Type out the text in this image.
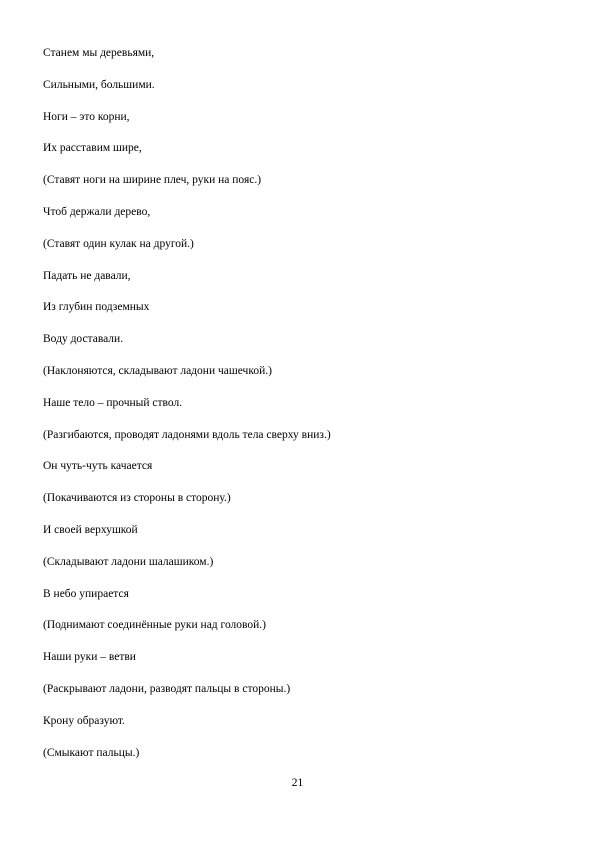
Станем мы деревьями,
Сильными, большими.
Ноги – это корни,
Их расставим шире,
(Ставят ноги на ширине плеч, руки на пояс.)
Чтоб держали дерево,
(Ставят один кулак на другой.)
Падать не давали,
Из глубин подземных
Воду доставали.
(Наклоняются, складывают ладони чашечкой.)
Наше тело – прочный ствол.
(Разгибаются, проводят ладонями вдоль тела сверху вниз.)
Он чуть-чуть качается
(Покачиваются из стороны в сторону.)
И своей верхушкой
(Складывают ладони шалашиком.)
В небо упирается
(Поднимают соединённые руки над головой.)
Наши руки – ветви
(Раскрывают ладони, разводят пальцы в стороны.)
Крону образуют.
(Смыкают пальцы.)
21
